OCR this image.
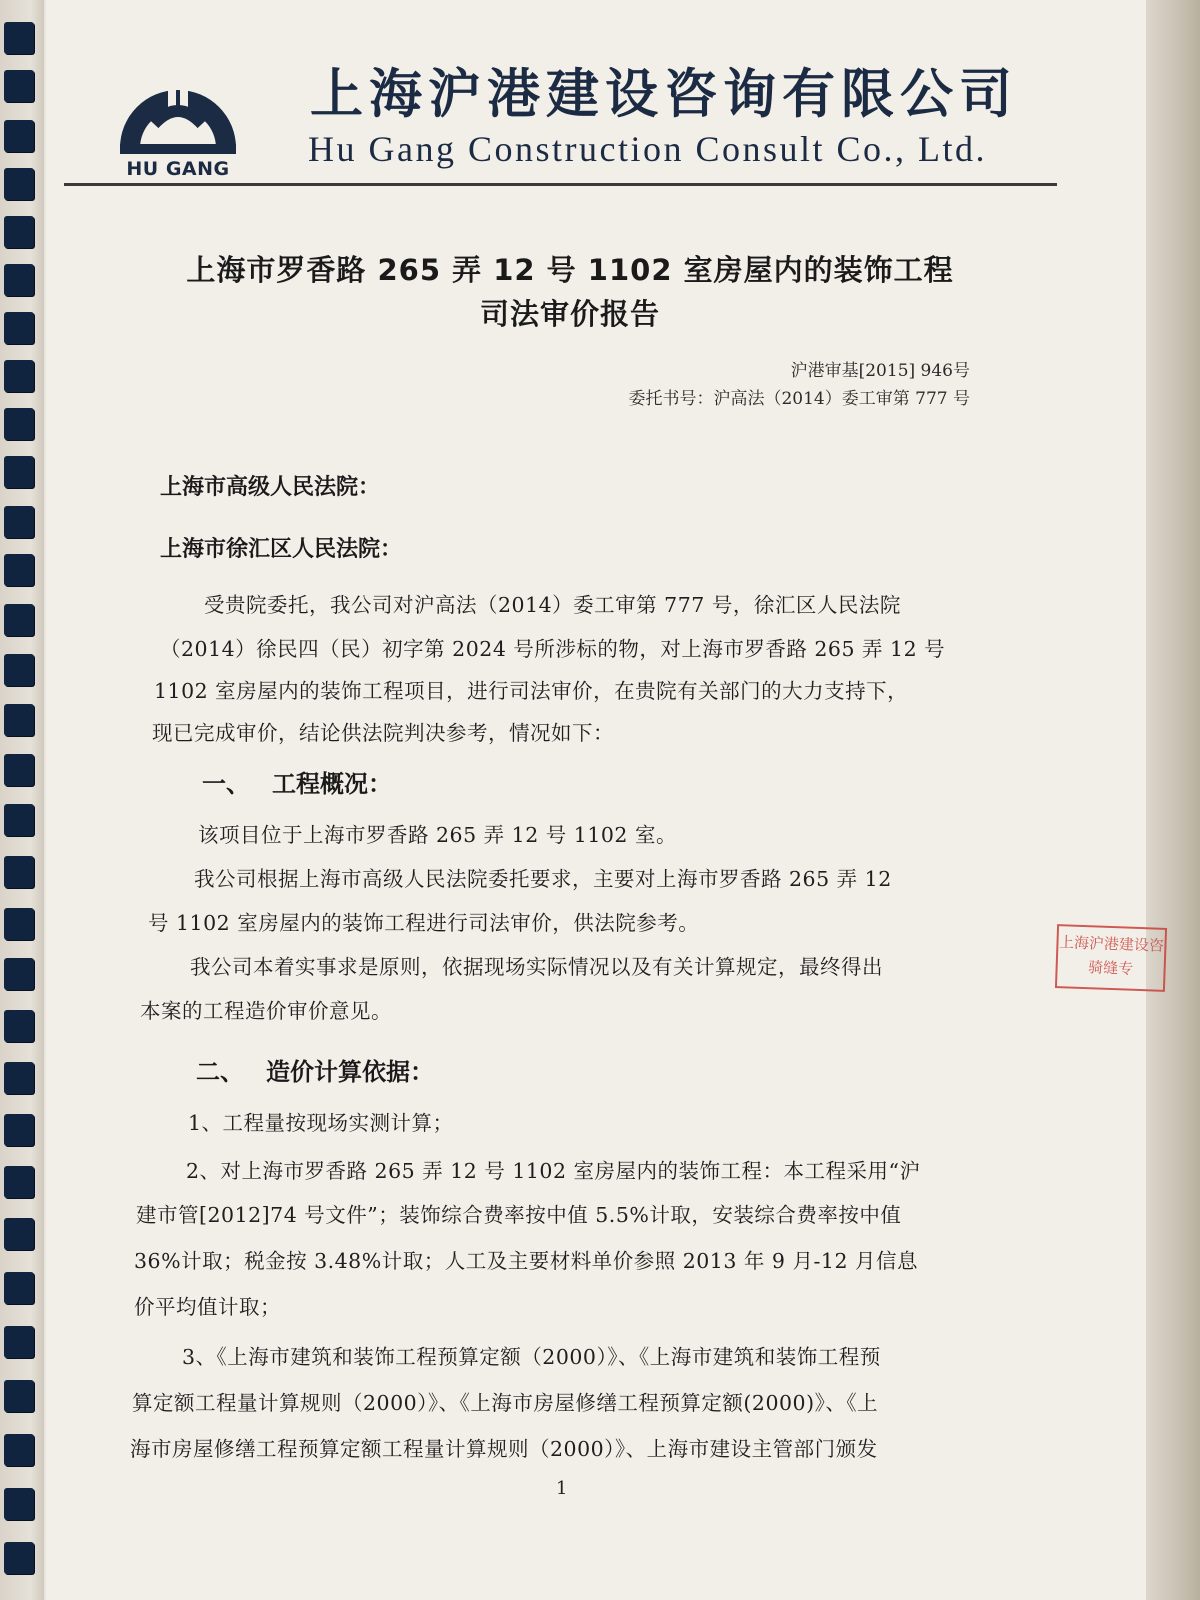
HU GANG
上海沪港建设咨询有限公司
Hu Gang Construction Consult Co., Ltd.
上海市罗香路 265 弄 12 号 1102 室房屋内的装饰工程
司法审价报告
沪港审基[2015] 946号
委托书号：沪高法（2014）委工审第 777 号
上海市高级人民法院：
上海市徐汇区人民法院：
受贵院委托，我公司对沪高法（2014）委工审第 777 号，徐汇区人民法院
（2014）徐民四（民）初字第 2024 号所涉标的物，对上海市罗香路 265 弄 12 号
1102 室房屋内的装饰工程项目，进行司法审价，在贵院有关部门的大力支持下，
现已完成审价，结论供法院判决参考，情况如下：
一、 工程概况：
该项目位于上海市罗香路 265 弄 12 号 1102 室。
我公司根据上海市高级人民法院委托要求，主要对上海市罗香路 265 弄 12
号 1102 室房屋内的装饰工程进行司法审价，供法院参考。
我公司本着实事求是原则，依据现场实际情况以及有关计算规定，最终得出
本案的工程造价审价意见。
二、 造价计算依据：
1、工程量按现场实测计算；
2、对上海市罗香路 265 弄 12 号 1102 室房屋内的装饰工程：本工程采用“沪
建市管[2012]74 号文件”；装饰综合费率按中值 5.5%计取，安装综合费率按中值
36%计取；税金按 3.48%计取；人工及主要材料单价参照 2013 年 9 月-12 月信息
价平均值计取；
3、《上海市建筑和装饰工程预算定额（2000）》、《上海市建筑和装饰工程预
算定额工程量计算规则（2000）》、《上海市房屋修缮工程预算定额(2000)》、《上
海市房屋修缮工程预算定额工程量计算规则（2000）》、上海市建设主管部门颁发
上海沪港建设咨
骑缝专
1
